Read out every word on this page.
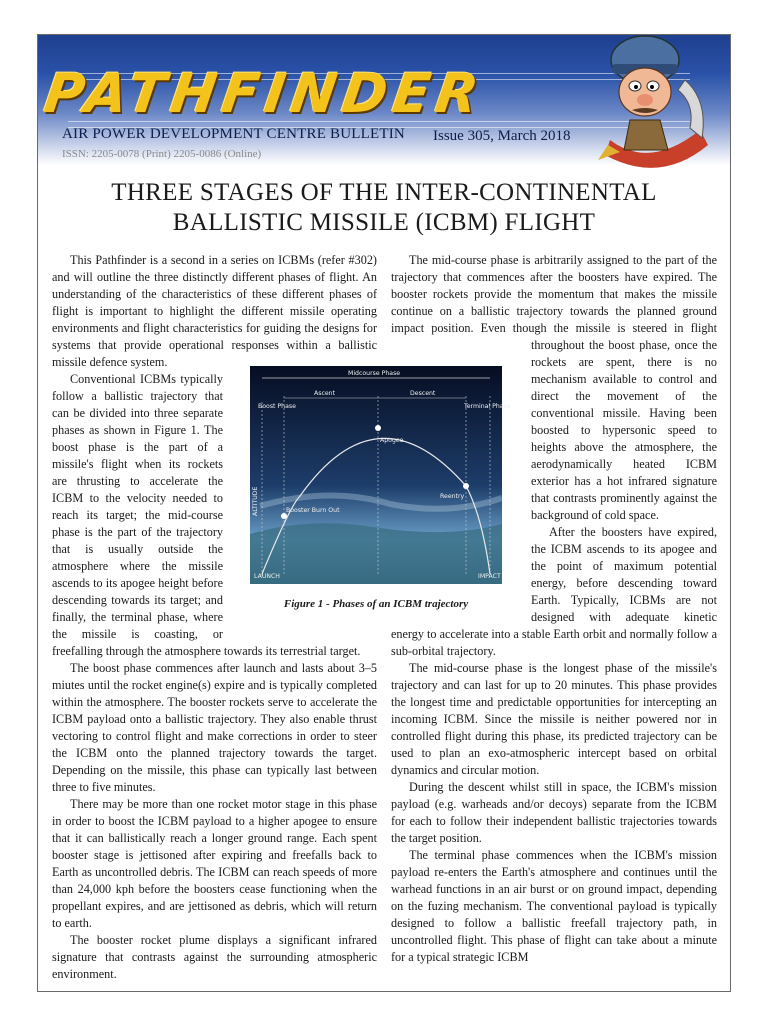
PATHFINDER
AIR POWER DEVELOPMENT CENTRE BULLETIN Issue 305, March 2018
ISSN: 2205-0078 (Print) 2205-0086 (Online)
THREE STAGES OF THE INTER-CONTINENTAL
BALLISTIC MISSILE (ICBM) FLIGHT

This Pathfinder is a second in a series on ICBMs (refer #302) and will outline the three distinctly different phases of flight. An understanding of the characteristics of these different phases of flight is important to highlight the different missile operating environments and flight characteristics for guiding the designs for systems that provide operational responses within a ballistic missile defence system.

Conventional ICBMs typically follow a ballistic trajectory that can be divided into three separate phases as shown in Figure 1. The boost phase is the part of a missile's flight when its rockets are thrusting to accelerate the ICBM to the velocity needed to reach its target; the mid-course phase is the part of the trajectory that is usually outside the atmosphere where the missile ascends to its apogee height before descending towards its target; and finally, the terminal phase, where the missile is coasting, or freefalling through the atmosphere towards its terrestrial target.

The boost phase commences after launch and lasts about 3–5 miutes until the rocket engine(s) expire and is typically completed within the atmosphere. The booster rockets serve to accelerate the ICBM payload onto a ballistic trajectory. They also enable thrust vectoring to control flight and make corrections in order to steer the ICBM onto the planned trajectory towards the target. Depending on the missile, this phase can typically last between three to five minutes.

There may be more than one rocket motor stage in this phase in order to boost the ICBM payload to a higher apogee to ensure that it can ballistically reach a longer ground range. Each spent booster stage is jettisoned after expiring and freefalls back to Earth as uncontrolled debris. The ICBM can reach speeds of more than 24,000 kph before the boosters cease functioning when the propellant expires, and are jettisoned as debris, which will return to earth.

The booster rocket plume displays a significant infrared signature that contrasts against the surrounding atmospheric environment.

The mid-course phase is arbitrarily assigned to the part of the trajectory that commences after the boosters have expired. The booster rockets provide the momentum that makes the missile continue on a ballistic trajectory towards the planned ground impact position. Even though the missile is steered in flight throughout the boost phase, once the rockets are spent, there is no mechanism available to control and direct the movement of the conventional missile. Having been boosted to hypersonic speed to heights above the atmosphere, the aerodynamically heated ICBM exterior has a hot infrared signature that contrasts prominently against the background of cold space.

After the boosters have expired, the ICBM ascends to its apogee and the point of maximum potential energy, before descending toward Earth. Typically, ICBMs are not designed with adequate kinetic energy to accelerate into a stable Earth orbit and normally follow a sub-orbital trajectory.

The mid-course phase is the longest phase of the missile's trajectory and can last for up to 20 minutes. This phase provides the longest time and predictable opportunities for intercepting an incoming ICBM. Since the missile is neither powered nor in controlled flight during this phase, its predicted trajectory can be used to plan an exo-atmospheric intercept based on orbital dynamics and circular motion.

During the descent whilst still in space, the ICBM's mission payload (e.g. warheads and/or decoys) separate from the ICBM for each to follow their independent ballistic trajectories towards the target position.

The terminal phase commences when the ICBM's mission payload re-enters the Earth's atmosphere and continues until the warhead functions in an air burst or on ground impact, depending on the fuzing mechanism. The conventional payload is typically designed to follow a ballistic freefall trajectory path, in uncontrolled flight. This phase of flight can take about a minute for a typical strategic ICBM

Midcourse Phase
Ascent	Descent
Boost Phase	Terminal Phase
Apogee
Booster Burn Out
Reentry
LAUNCH	IMPACT
ALTITUDE
Figure 1 - Phases of an ICBM trajectory
